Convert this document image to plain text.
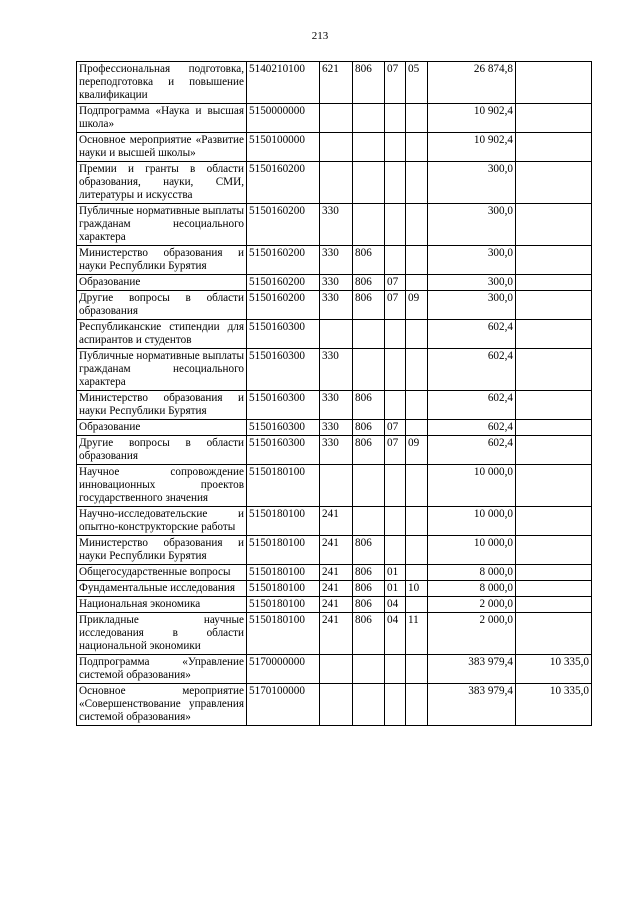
213
Профессиональная подготовка, переподготовка и повышение квалификации	5140210100	621	806	07	05	26 874,8	
Подпрограмма «Наука и высшая школа»	5150000000					10 902,4	
Основное мероприятие «Развитие науки и высшей школы»	5150100000					10 902,4	
Премии и гранты в области образования, науки, СМИ, литературы и искусства	5150160200					300,0	
Публичные нормативные выплаты гражданам несоциального характера	5150160200	330				300,0	
Министерство образования и науки Республики Бурятия	5150160200	330	806			300,0	
Образование	5150160200	330	806	07		300,0	
Другие вопросы в области образования	5150160200	330	806	07	09	300,0	
Республиканские стипендии для аспирантов и студентов	5150160300					602,4	
Публичные нормативные выплаты гражданам несоциального характера	5150160300	330				602,4	
Министерство образования и науки Республики Бурятия	5150160300	330	806			602,4	
Образование	5150160300	330	806	07		602,4	
Другие вопросы в области образования	5150160300	330	806	07	09	602,4	
Научное сопровождение инновационных проектов государственного значения	5150180100					10 000,0	
Научно-исследовательские и опытно-конструкторские работы	5150180100	241				10 000,0	
Министерство образования и науки Республики Бурятия	5150180100	241	806			10 000,0	
Общегосударственные вопросы	5150180100	241	806	01		8 000,0	
Фундаментальные исследования	5150180100	241	806	01	10	8 000,0	
Национальная экономика	5150180100	241	806	04		2 000,0	
Прикладные научные исследования в области национальной экономики	5150180100	241	806	04	11	2 000,0	
Подпрограмма «Управление системой образования»	5170000000					383 979,4	10 335,0
Основное мероприятие «Совершенствование управления системой образования»	5170100000					383 979,4	10 335,0
